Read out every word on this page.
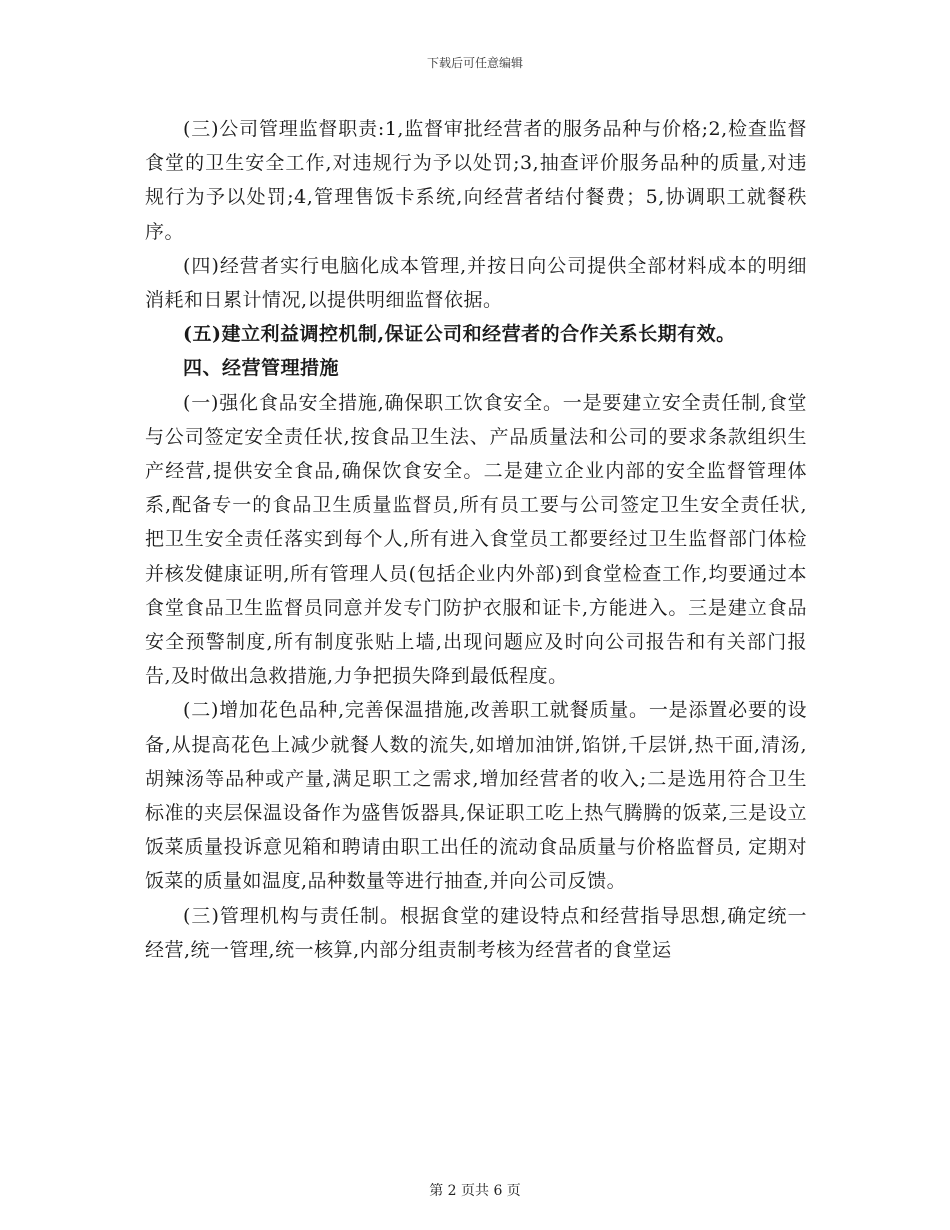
下载后可任意编辑

(三)公司管理监督职责:1,监督审批经营者的服务品种与价格;2,检查监督食堂的卫生安全工作,对违规行为予以处罚;3,抽查评价服务品种的质量,对违规行为予以处罚;4,管理售饭卡系统,向经营者结付餐费；5,协调职工就餐秩序。

(四)经营者实行电脑化成本管理,并按日向公司提供全部材料成本的明细消耗和日累计情况,以提供明细监督依据。

(五)建立利益调控机制,保证公司和经营者的合作关系长期有效。

四、经营管理措施

(一)强化食品安全措施,确保职工饮食安全。一是要建立安全责任制,食堂与公司签定安全责任状,按食品卫生法、产品质量法和公司的要求条款组织生产经营,提供安全食品,确保饮食安全。二是建立企业内部的安全监督管理体系,配备专一的食品卫生质量监督员,所有员工要与公司签定卫生安全责任状,把卫生安全责任落实到每个人,所有进入食堂员工都要经过卫生监督部门体检并核发健康证明,所有管理人员(包括企业内外部)到食堂检查工作,均要通过本食堂食品卫生监督员同意并发专门防护衣服和证卡,方能进入。三是建立食品安全预警制度,所有制度张贴上墙,出现问题应及时向公司报告和有关部门报告,及时做出急救措施,力争把损失降到最低程度。

(二)增加花色品种,完善保温措施,改善职工就餐质量。一是添置必要的设备,从提高花色上减少就餐人数的流失,如增加油饼,馅饼,千层饼,热干面,清汤,胡辣汤等品种或产量,满足职工之需求,增加经营者的收入;二是选用符合卫生标准的夹层保温设备作为盛售饭器具,保证职工吃上热气腾腾的饭菜,三是设立饭菜质量投诉意见箱和聘请由职工出任的流动食品质量与价格监督员, 定期对饭菜的质量如温度,品种数量等进行抽查,并向公司反馈。

(三)管理机构与责任制。根据食堂的建设特点和经营指导思想,确定统一经营,统一管理,统一核算,内部分组责制考核为经营者的食堂运

第 2 页共 6 页
